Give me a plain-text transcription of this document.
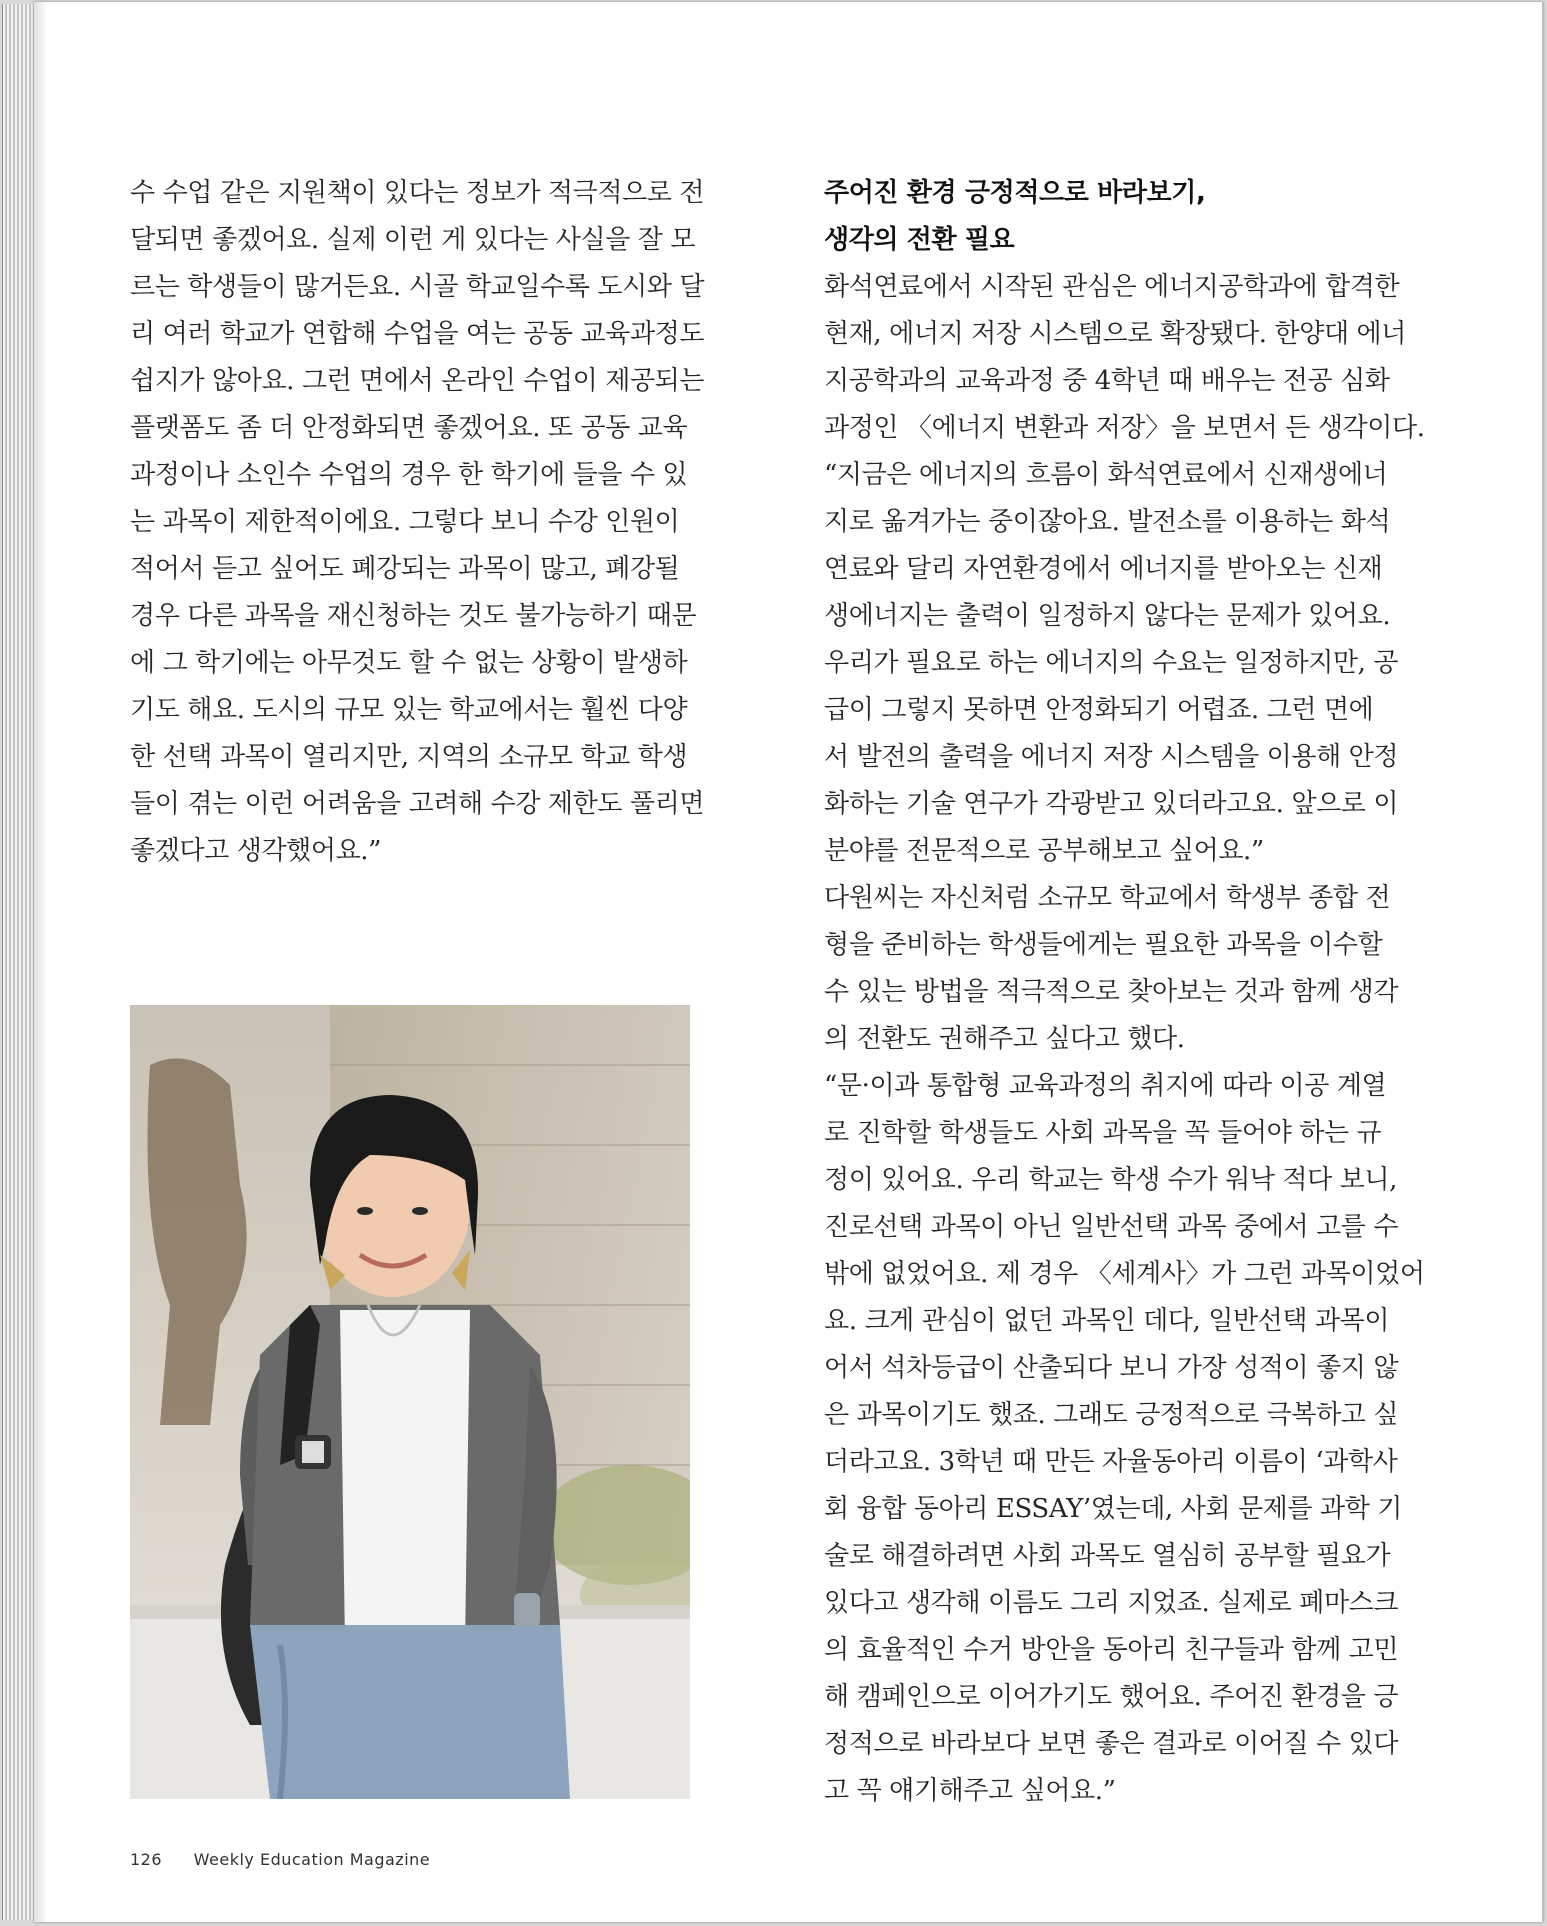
수 수업 같은 지원책이 있다는 정보가 적극적으로 전
달되면 좋겠어요. 실제 이런 게 있다는 사실을 잘 모
르는 학생들이 많거든요. 시골 학교일수록 도시와 달
리 여러 학교가 연합해 수업을 여는 공동 교육과정도
쉽지가 않아요. 그런 면에서 온라인 수업이 제공되는
플랫폼도 좀 더 안정화되면 좋겠어요. 또 공동 교육
과정이나 소인수 수업의 경우 한 학기에 들을 수 있
는 과목이 제한적이에요. 그렇다 보니 수강 인원이
적어서 듣고 싶어도 폐강되는 과목이 많고, 폐강될
경우 다른 과목을 재신청하는 것도 불가능하기 때문
에 그 학기에는 아무것도 할 수 없는 상황이 발생하
기도 해요. 도시의 규모 있는 학교에서는 훨씬 다양
한 선택 과목이 열리지만, 지역의 소규모 학교 학생
들이 겪는 이런 어려움을 고려해 수강 제한도 풀리면
좋겠다고 생각했어요.”

주어진 환경 긍정적으로 바라보기,
생각의 전환 필요

화석연료에서 시작된 관심은 에너지공학과에 합격한
현재, 에너지 저장 시스템으로 확장됐다. 한양대 에너
지공학과의 교육과정 중 4학년 때 배우는 전공 심화
과정인 〈에너지 변환과 저장〉을 보면서 든 생각이다.

“지금은 에너지의 흐름이 화석연료에서 신재생에너
지로 옮겨가는 중이잖아요. 발전소를 이용하는 화석
연료와 달리 자연환경에서 에너지를 받아오는 신재
생에너지는 출력이 일정하지 않다는 문제가 있어요.
우리가 필요로 하는 에너지의 수요는 일정하지만, 공
급이 그렇지 못하면 안정화되기 어렵죠. 그런 면에
서 발전의 출력을 에너지 저장 시스템을 이용해 안정
화하는 기술 연구가 각광받고 있더라고요. 앞으로 이
분야를 전문적으로 공부해보고 싶어요.”

다원씨는 자신처럼 소규모 학교에서 학생부 종합 전
형을 준비하는 학생들에게는 필요한 과목을 이수할
수 있는 방법을 적극적으로 찾아보는 것과 함께 생각
의 전환도 권해주고 싶다고 했다.

“문·이과 통합형 교육과정의 취지에 따라 이공 계열
로 진학할 학생들도 사회 과목을 꼭 들어야 하는 규
정이 있어요. 우리 학교는 학생 수가 워낙 적다 보니,
진로선택 과목이 아닌 일반선택 과목 중에서 고를 수
밖에 없었어요. 제 경우 〈세계사〉가 그런 과목이었어
요. 크게 관심이 없던 과목인 데다, 일반선택 과목이
어서 석차등급이 산출되다 보니 가장 성적이 좋지 않
은 과목이기도 했죠. 그래도 긍정적으로 극복하고 싶
더라고요. 3학년 때 만든 자율동아리 이름이 ‘과학사
회 융합 동아리 ESSAY’였는데, 사회 문제를 과학 기
술로 해결하려면 사회 과목도 열심히 공부할 필요가
있다고 생각해 이름도 그리 지었죠. 실제로 폐마스크
의 효율적인 수거 방안을 동아리 친구들과 함께 고민
해 캠페인으로 이어가기도 했어요. 주어진 환경을 긍
정적으로 바라보다 보면 좋은 결과로 이어질 수 있다
고 꼭 얘기해주고 싶어요.”

126 Weekly Education Magazine
